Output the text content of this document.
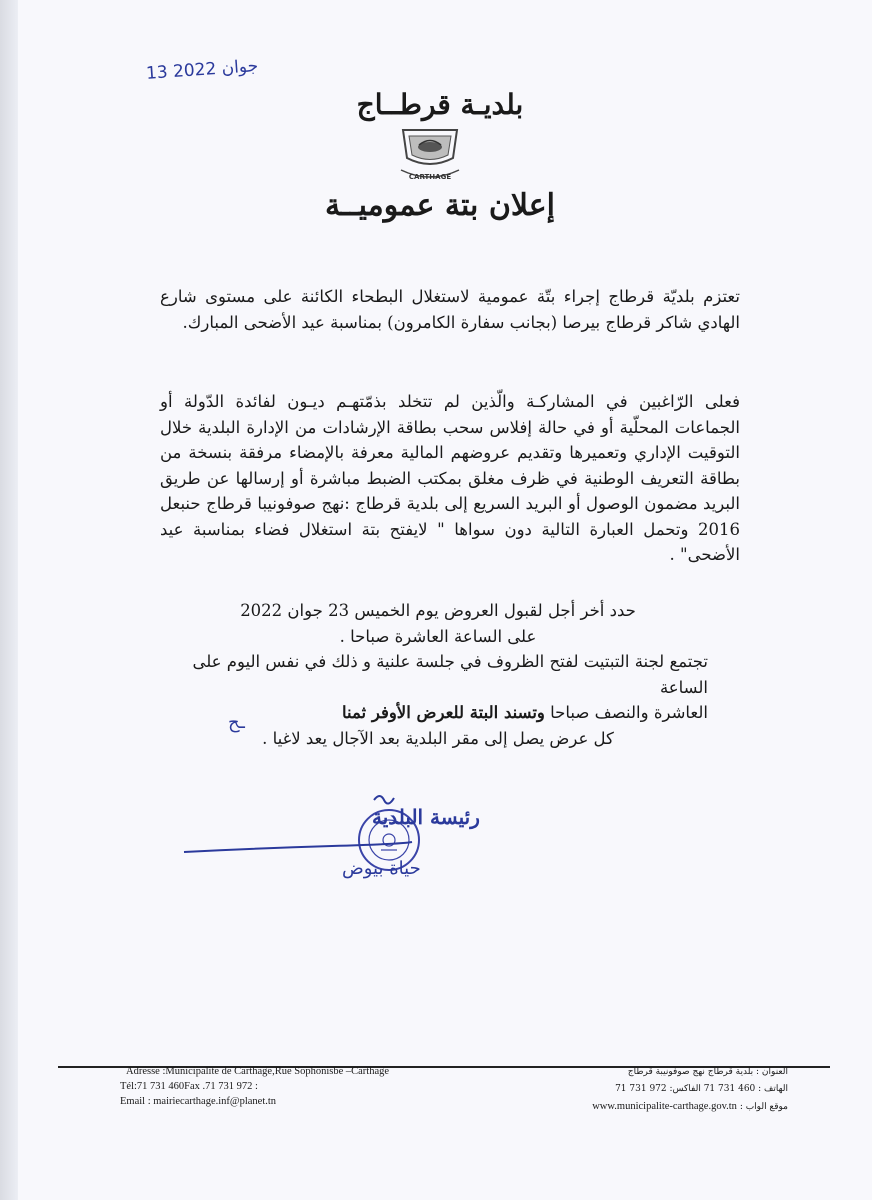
13 جوان 2022
بلديـة قرطــاج
CARTHAGE
إعلان بتة عموميــة
تعتزم بلديّة قرطاج إجراء بتّة عمومية لاستغلال البطحاء الكائنة على مستوى شارع الهادي شاكر قرطاج بيرصا (بجانب سفارة الكامرون) بمناسبة عيد الأضحى المبارك.
فعلى الرّاغبين في المشاركـة والّذين لم تتخلد بذمّتهـم ديـون لفائدة الدّولة أو الجماعات المحلّية أو في حالة إفلاس سحب بطاقة الإرشادات من الإدارة البلدية خلال التوقيت الإداري وتعميرها وتقديم عروضهم المالية معرفة بالإمضاء مرفقة بنسخة من بطاقة التعريف الوطنية في ظرف مغلق بمكتب الضبط مباشرة أو إرسالها عن طريق البريد مضمون الوصول أو البريد السريع إلى بلدية قرطاج :نهج صوفونيبا قرطاج حنبعل 2016 وتحمل العبارة التالية دون سواها " لايفتح بتة استغلال فضاء بمناسبة عيد الأضحى" .
حدد أخر أجل لقبول العروض يوم الخميس 23 جوان 2022
على الساعة العاشرة صباحا .
تجتمع لجنة التبتيت لفتح الظروف في جلسة علنية و ذلك في نفس اليوم على الساعة
العاشرة والنصف صباحا وتسند البتة للعرض الأوفر ثمنا
كل عرض يصل إلى مقر البلدية بعد الآجال يعد لاغيا .
ـح
رئيسة البلدية
حياة بيوض
Adresse :Municipalite de Carthage,Rue Sophonisbe –Carthage
Tél:71 731 460Fax .71 731 972 :
Email : mairiecarthage.inf@planet.tn
العنوان : بلدية قرطاج نهج صوفونيبة قرطاج
الهاتف : 460 731 71 الفاكس: 972 731 71
موقع الواب : www.municipalite-carthage.gov.tn
